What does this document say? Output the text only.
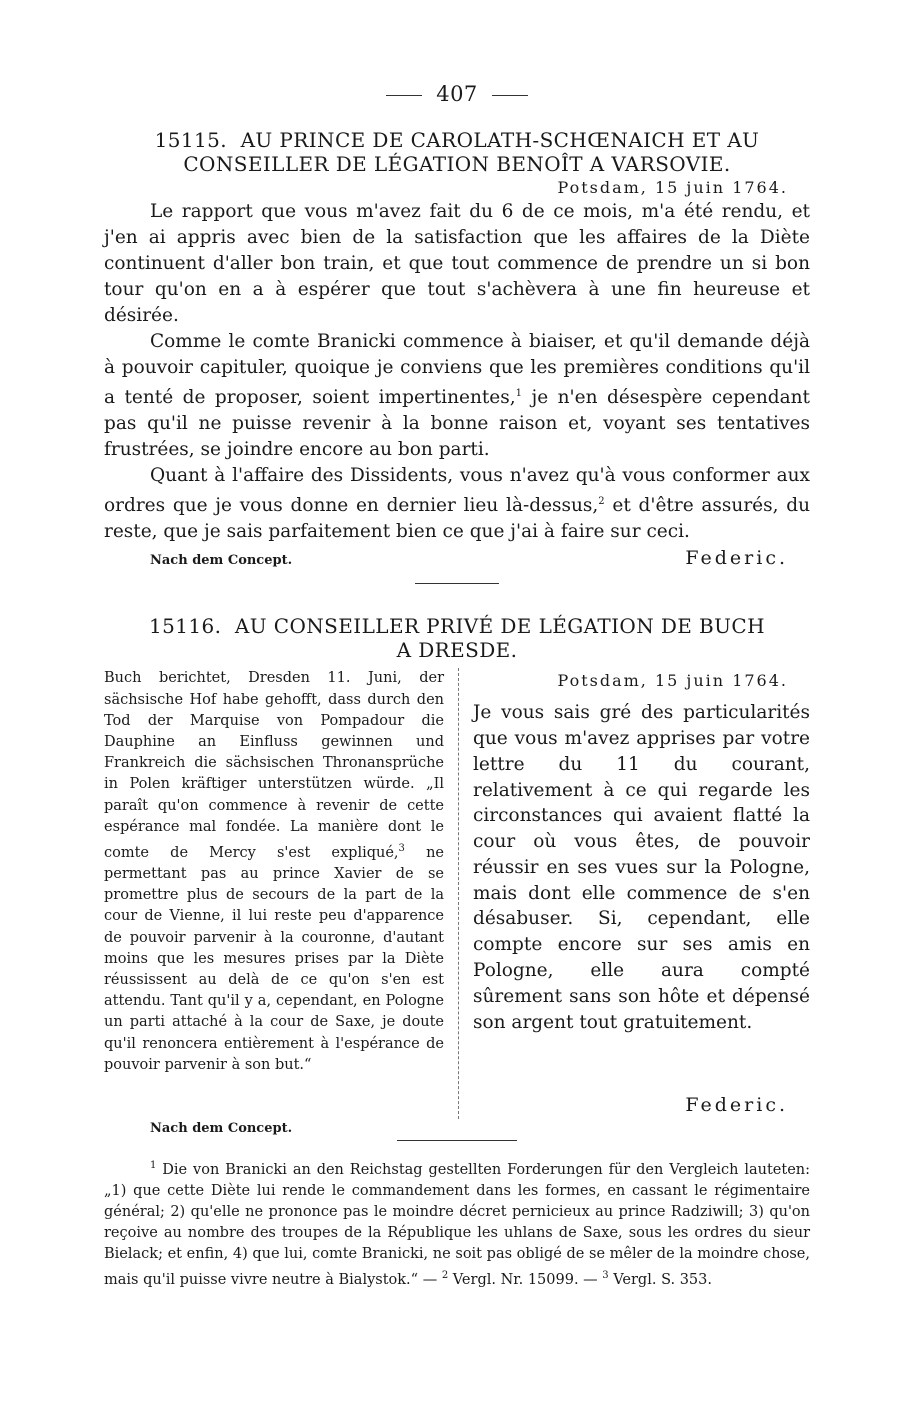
407
15115. AU PRINCE DE CAROLATH-SCHŒNAICH ET AU
CONSEILLER DE LÉGATION BENOÎT A VARSOVIE.
Potsdam, 15 juin 1764.

Le rapport que vous m'avez fait du 6 de ce mois, m'a été rendu, et j'en ai appris avec bien de la satisfaction que les affaires de la Diète continuent d'aller bon train, et que tout commence de prendre un si bon tour qu'on en a à espérer que tout s'achèvera à une fin heureuse et désirée.

Comme le comte Branicki commence à biaiser, et qu'il demande déjà à pouvoir capituler, quoique je conviens que les premières conditions qu'il a tenté de proposer, soient impertinentes,$^1$ je n'en désespère cependant pas qu'il ne puisse revenir à la bonne raison et, voyant ses tentatives frustrées, se joindre encore au bon parti.

Quant à l'affaire des Dissidents, vous n'avez qu'à vous conformer aux ordres que je vous donne en dernier lieu là-dessus,$^2$ et d'être assurés, du reste, que je sais parfaitement bien ce que j'ai à faire sur ceci.

Nach dem Concept.	Federic.
15116. AU CONSEILLER PRIVÉ DE LÉGATION DE BUCH
A DRESDE.

Buch berichtet, Dresden 11. Juni, der sächsische Hof habe gehofft, dass durch den Tod der Marquise von Pompadour die Dauphine an Einfluss gewinnen und Frankreich die sächsischen Thronansprüche in Polen kräftiger unterstützen würde. „Il paraît qu'on commence à revenir de cette espérance mal fondée. La manière dont le comte de Mercy s'est expliqué,$^3$ ne permettant pas au prince Xavier de se promettre plus de secours de la part de la cour de Vienne, il lui reste peu d'apparence de pouvoir parvenir à la couronne, d'autant moins que les mesures prises par la Diète réussissent au delà de ce qu'on s'en est attendu. Tant qu'il y a, cependant, en Pologne un parti attaché à la cour de Saxe, je doute qu'il renoncera entièrement à l'espérance de pouvoir parvenir à son but.“

Potsdam, 15 juin 1764.

Je vous sais gré des particularités que vous m'avez apprises par votre lettre du 11 du courant, relativement à ce qui regarde les circonstances qui avaient flatté la cour où vous êtes, de pouvoir réussir en ses vues sur la Pologne, mais dont elle commence de s'en désabuser. Si, cependant, elle compte encore sur ses amis en Pologne, elle aura compté sûrement sans son hôte et dépensé son argent tout gratuitement.

Federic.
Nach dem Concept.

$^1$ Die von Branicki an den Reichstag gestellten Forderungen für den Vergleich lauteten: „1) que cette Diète lui rende le commandement dans les formes, en cassant le régimentaire général; 2) qu'elle ne prononce pas le moindre décret pernicieux au prince Radziwill; 3) qu'on reçoive au nombre des troupes de la République les uhlans de Saxe, sous les ordres du sieur Bielack; et enfin, 4) que lui, comte Branicki, ne soit pas obligé de se mêler de la moindre chose, mais qu'il puisse vivre neutre à Bialystok.“ — $^2$ Vergl. Nr. 15099. — $^3$ Vergl. S. 353.
